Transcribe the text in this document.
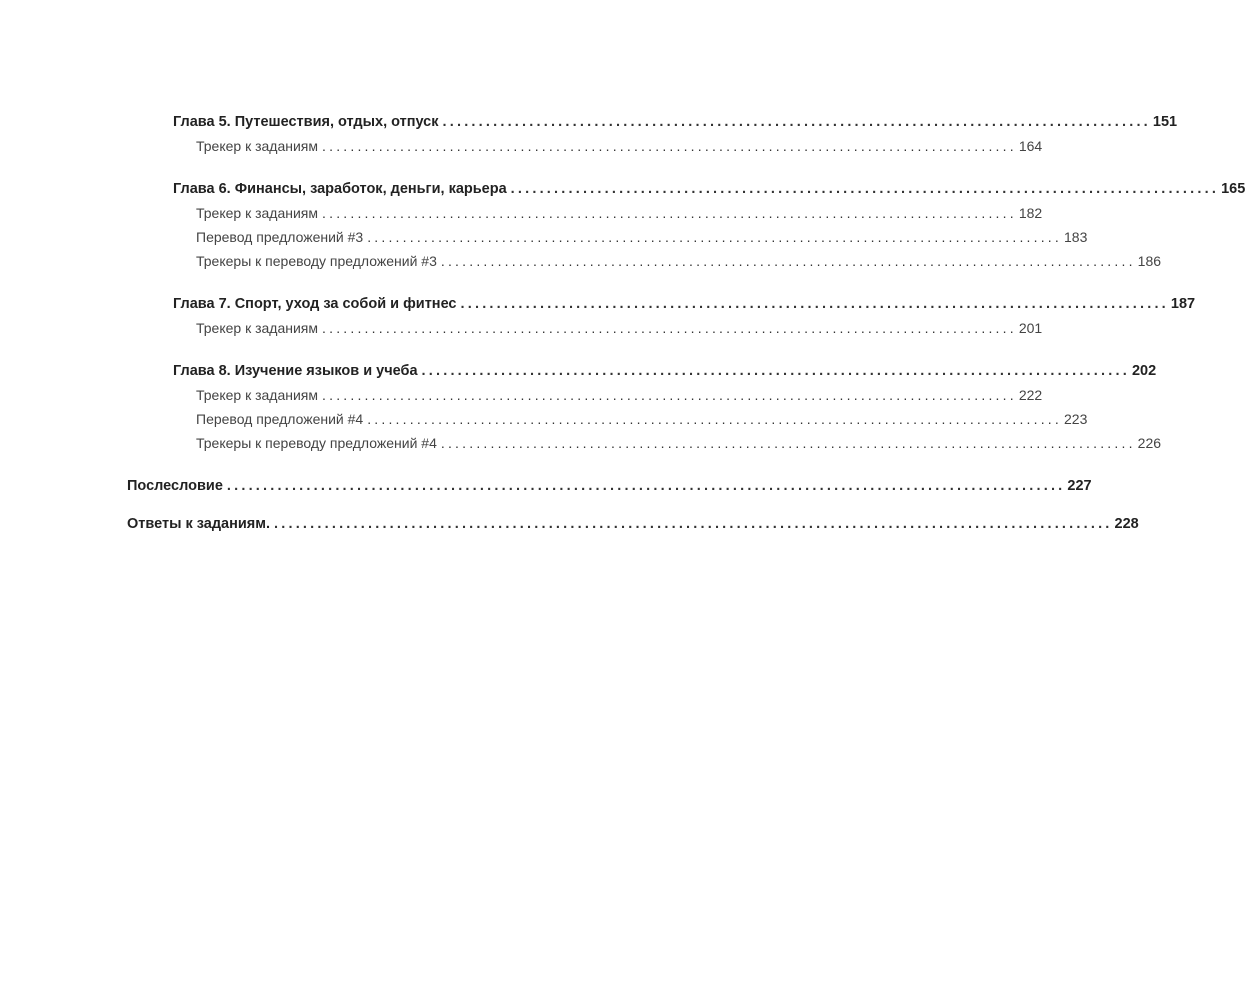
Глава 5. Путешествия, отдых, отпуск .................................................................................................. 151
Трекер к заданиям .................................................................................................. 164
Глава 6. Финансы, заработок, деньги, карьера .................................................................................................. 165
Трекер к заданиям .................................................................................................. 182
Перевод предложений #3 .................................................................................................. 183
Трекеры к переводу предложений #3 .................................................................................................. 186
Глава 7. Спорт, уход за собой и фитнес .................................................................................................. 187
Трекер к заданиям .................................................................................................. 201
Глава 8. Изучение языков и учеба .................................................................................................. 202
Трекер к заданиям .................................................................................................. 222
Перевод предложений #4 .................................................................................................. 223
Трекеры к переводу предложений #4 .................................................................................................. 226
Послесловие .................................................................................................................... 227
Ответы к заданиям. .................................................................................................................... 228
